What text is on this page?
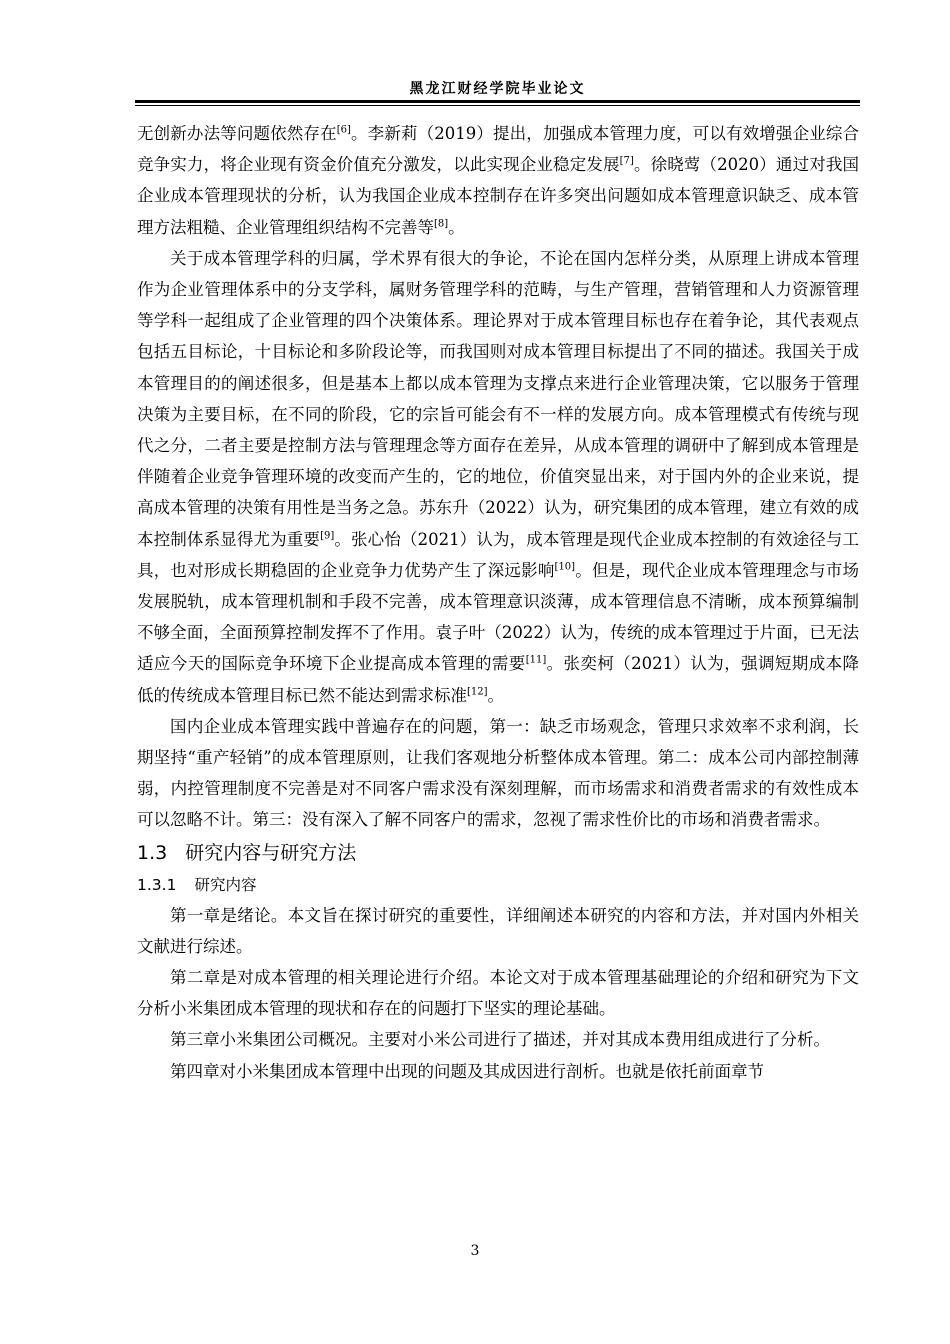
黑龙江财经学院毕业论文

无创新办法等问题依然存在[6]。李新莉（2019）提出，加强成本管理力度，可以有效增强企业综合竞争实力，将企业现有资金价值充分激发，以此实现企业稳定发展[7]。徐晓莺（2020）通过对我国企业成本管理现状的分析，认为我国企业成本控制存在许多突出问题如成本管理意识缺乏、成本管理方法粗糙、企业管理组织结构不完善等[8]。

关于成本管理学科的归属，学术界有很大的争论，不论在国内怎样分类，从原理上讲成本管理作为企业管理体系中的分支学科，属财务管理学科的范畴，与生产管理，营销管理和人力资源管理等学科一起组成了企业管理的四个决策体系。理论界对于成本管理目标也存在着争论，其代表观点包括五目标论，十目标论和多阶段论等，而我国则对成本管理目标提出了不同的描述。我国关于成本管理目的的阐述很多，但是基本上都以成本管理为支撑点来进行企业管理决策，它以服务于管理决策为主要目标，在不同的阶段，它的宗旨可能会有不一样的发展方向。成本管理模式有传统与现代之分，二者主要是控制方法与管理理念等方面存在差异，从成本管理的调研中了解到成本管理是伴随着企业竞争管理环境的改变而产生的，它的地位，价值突显出来，对于国内外的企业来说，提高成本管理的决策有用性是当务之急。苏东升（2022）认为，研究集团的成本管理，建立有效的成本控制体系显得尤为重要[9]。张心怡（2021）认为，成本管理是现代企业成本控制的有效途径与工具，也对形成长期稳固的企业竞争力优势产生了深远影响[10]。但是，现代企业成本管理理念与市场发展脱轨，成本管理机制和手段不完善，成本管理意识淡薄，成本管理信息不清晰，成本预算编制不够全面，全面预算控制发挥不了作用。袁子叶（2022）认为，传统的成本管理过于片面，已无法适应今天的国际竞争环境下企业提高成本管理的需要[11]。张奕柯（2021）认为，强调短期成本降低的传统成本管理目标已然不能达到需求标准[12]。

国内企业成本管理实践中普遍存在的问题，第一：缺乏市场观念，管理只求效率不求利润，长期坚持“重产轻销”的成本管理原则，让我们客观地分析整体成本管理。第二：成本公司内部控制薄弱，内控管理制度不完善是对不同客户需求没有深刻理解，而市场需求和消费者需求的有效性成本可以忽略不计。第三：没有深入了解不同客户的需求，忽视了需求性价比的市场和消费者需求。

1.3 研究内容与研究方法

1.3.1 研究内容

第一章是绪论。本文旨在探讨研究的重要性，详细阐述本研究的内容和方法，并对国内外相关文献进行综述。

第二章是对成本管理的相关理论进行介绍。本论文对于成本管理基础理论的介绍和研究为下文分析小米集团成本管理的现状和存在的问题打下坚实的理论基础。

第三章小米集团公司概况。主要对小米公司进行了描述，并对其成本费用组成进行了分析。

第四章对小米集团成本管理中出现的问题及其成因进行剖析。也就是依托前面章节

3
